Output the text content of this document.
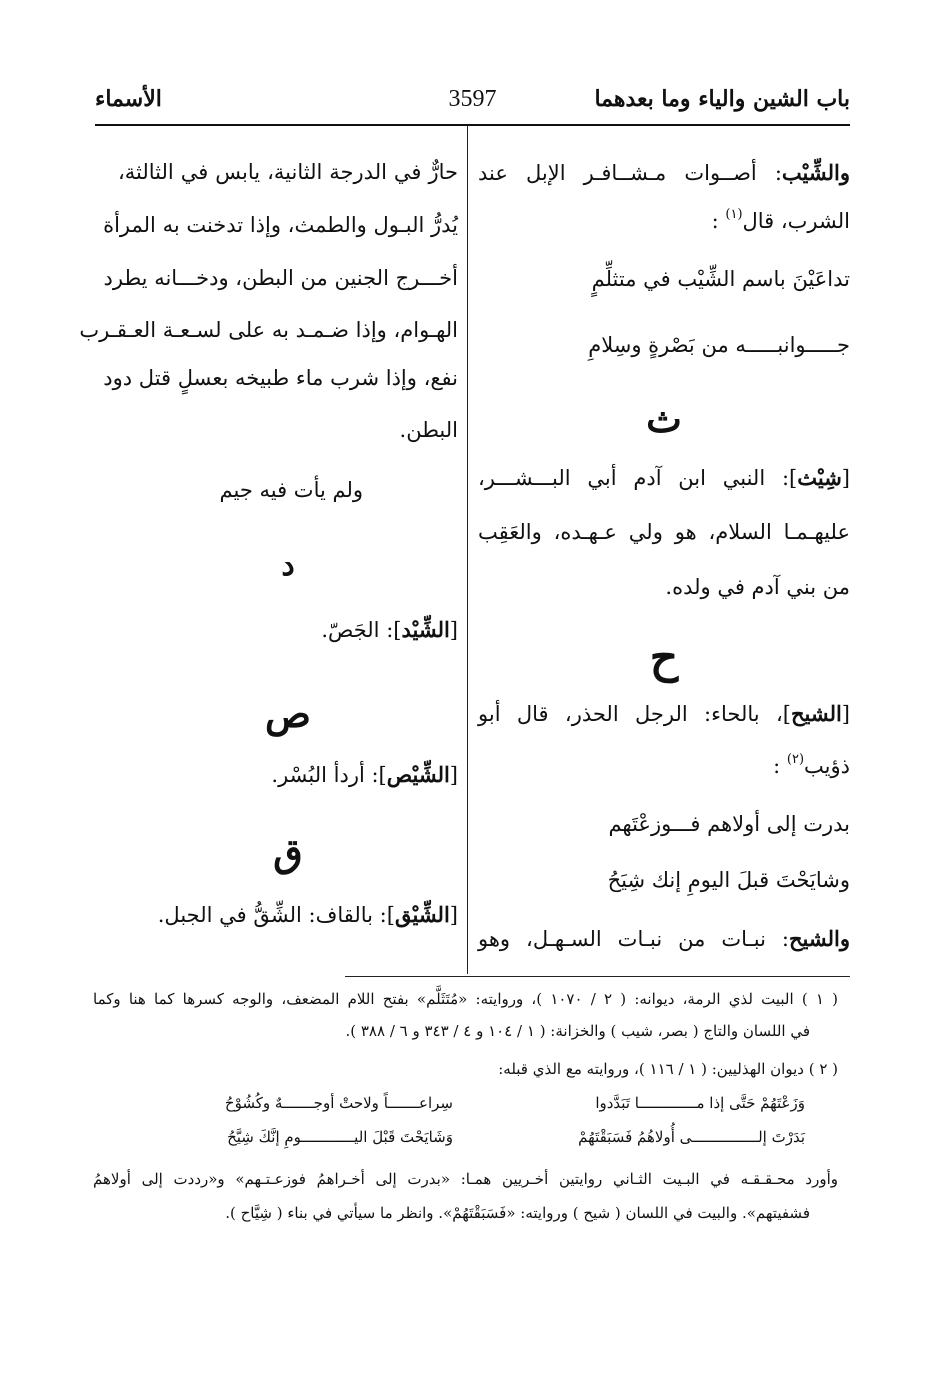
باب الشين والياء وما بعدهما
3597
الأسماء
والشِّيْب: أصــوات مـشــافـر الإبل عند
الشرب، قال$^{(١)}$ :
تداعَيْنَ باسم الشِّيْب في متثلِّمٍ
جـــــوانبـــــه من بَصْرةٍ وسِلامِ
ث
[شِيْث]: النبي ابن آدم أبي البـــشـــر،
عليهـمـا السلام، هو ولي عـهـده، والعَقِب
من بني آدم في ولده.
ح
[الشيح]، بالحاء: الرجل الحذر، قال أبو
ذؤيب$^{(٢)}$ :
بدرت إلى أولاهم فـــوزعْتَهم
وشايَحْتَ قبلَ اليومِ إنك شِيَحُ
والشيح: نبـات من نبـات السـهـل، وهو
حارٌّ في الدرجة الثانية، يابس في الثالثة،
يُدرُّ البـول والطمث، وإذا تدخنت به المرأة
أخـــرج الجنين من البطن، ودخـــانه يطرد
الهـوام، وإذا ضـمـد به على لسـعـة العـقـرب
نفع، وإذا شرب ماء طبيخه بعسلٍ قتل دود
البطن.
ولم يأت فيه جيم
د
[الشِّيْد]: الجَصّ.
ص
[الشِّيْص]: أردأ البُسْر.
ق
[الشِّيْق]: بالقاف: الشِّقُّ في الجبل.
( ١ ) البيت لذي الرمة، ديوانه: ( ٢ / ١٠٧٠ )، وروايته: «مُتَثَلَّم» بفتح اللام المضعف، والوجه كسرها كما هنا وكما
في اللسان والتاج ( بصر، شيب ) والخزانة: ( ١ / ١٠٤ و ٤ / ٣٤٣ و ٦ / ٣٨٨ ).
( ٢ ) ديوان الهذليين: ( ١ / ١١٦ )، وروايته مع الذي قبله:
وَزَعْتَهُمْ حَتَّى إذا مـــــــــــــا تَبَدَّدوا
سِراعـــــــاً ولاحتْ أوجـــــــهٌ وكُشُوْحُ
بَدَرْتَ إلـــــــــــــــى أُولاهُمُ فَسَبَقْتَهُمْ
وَشَايَحْتَ قَبْلَ اليــــــــــــومِ إنَّكَ شِيَّحُ
وأورد محـقـقـه في البـيت الثـاني روايتين أخـريين همـا: «بدرت إلى أخـراهمُ فوزعـتـهم» و«رددت إلى أولاهمُ
فشفيتهم». والبيت في اللسان ( شيح ) وروايته: «فَسَبَقْتَهُمْ». وانظر ما سيأتي في بناء ( شِيَّاح ).
